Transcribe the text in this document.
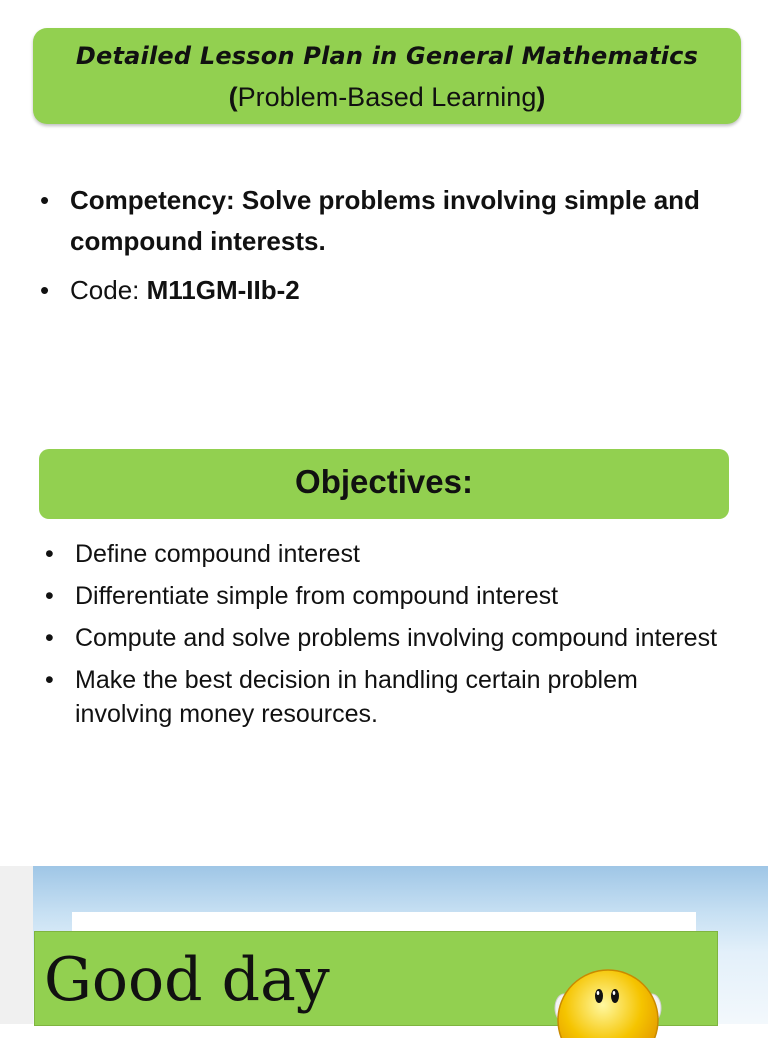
Detailed Lesson Plan in General Mathematics
(Problem-Based Learning)
• Competency: Solve problems involving simple and compound interests.
• Code: M11GM-IIb-2
Objectives:
• Define compound interest
• Differentiate simple from compound interest
• Compute and solve problems involving compound interest
• Make the best decision in handling certain problem involving money resources.
Good day
